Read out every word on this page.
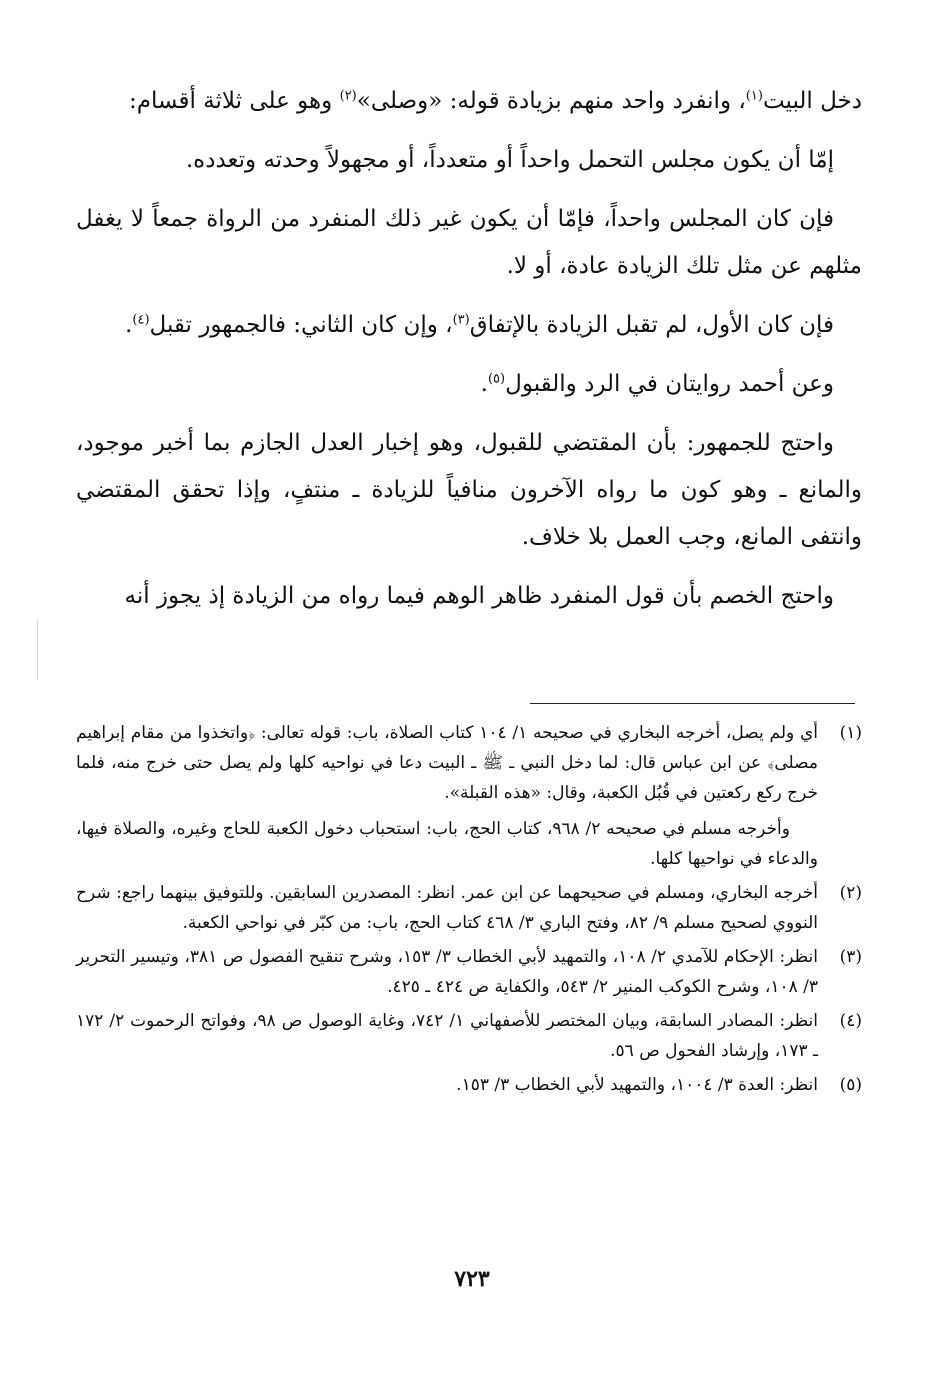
دخل البيت$^{(١)}$، وانفرد واحد منهم بزيادة قوله: «وصلى»$^{(٢)}$ وهو على ثلاثة أقسام:

إمّا أن يكون مجلس التحمل واحداً أو متعدداً، أو مجهولاً وحدته وتعدده.

فإن كان المجلس واحداً، فإمّا أن يكون غير ذلك المنفرد من الرواة جمعاً لا يغفل مثلهم عن مثل تلك الزيادة عادة، أو لا.

فإن كان الأول، لم تقبل الزيادة بالإتفاق$^{(٣)}$، وإن كان الثاني: فالجمهور تقبل$^{(٤)}$.

وعن أحمد روايتان في الرد والقبول$^{(٥)}$.

واحتج للجمهور: بأن المقتضي للقبول، وهو إخبار العدل الجازم بما أخبر موجود، والمانع ـ وهو كون ما رواه الآخرون منافياً للزيادة ـ منتفٍ، وإذا تحقق المقتضي وانتفى المانع، وجب العمل بلا خلاف.

واحتج الخصم بأن قول المنفرد ظاهر الوهم فيما رواه من الزيادة إذ يجوز أنه

(١)

أي ولم يصل، أخرجه البخاري في صحيحه ١/ ١٠٤ كتاب الصلاة، باب: قوله تعالى: ﴿واتخذوا من مقام إبراهيم مصلى﴾ عن ابن عباس قال: لما دخل النبي ـ ﷺ ـ البيت دعا في نواحيه كلها ولم يصل حتى خرج منه، فلما خرج ركع ركعتين في قُبُل الكعبة، وقال: «هذه القبلة».

وأخرجه مسلم في صحيحه ٢/ ٩٦٨، كتاب الحج، باب: استحباب دخول الكعبة للحاج وغيره، والصلاة فيها، والدعاء في نواحيها كلها.

(٢)

أخرجه البخاري، ومسلم في صحيحهما عن ابن عمر. انظر: المصدرين السابقين. وللتوفيق بينهما راجع: شرح النووي لصحيح مسلم ٩/ ٨٢، وفتح الباري ٣/ ٤٦٨ كتاب الحج، باب: من كبّر في نواحي الكعبة.

(٣)

انظر: الإحكام للآمدي ٢/ ١٠٨، والتمهيد لأبي الخطاب ٣/ ١٥٣، وشرح تنقيح الفصول ص ٣٨١، وتيسير التحرير ٣/ ١٠٨، وشرح الكوكب المنير ٢/ ٥٤٣، والكفاية ص ٤٢٤ ـ ٤٢٥.

(٤)

انظر: المصادر السابقة، وبيان المختصر للأصفهاني ١/ ٧٤٢، وغاية الوصول ص ٩٨، وفواتح الرحموت ٢/ ١٧٢ ـ ١٧٣، وإرشاد الفحول ص ٥٦.

(٥)

انظر: العدة ٣/ ١٠٠٤، والتمهيد لأبي الخطاب ٣/ ١٥٣.

٧٢٣
